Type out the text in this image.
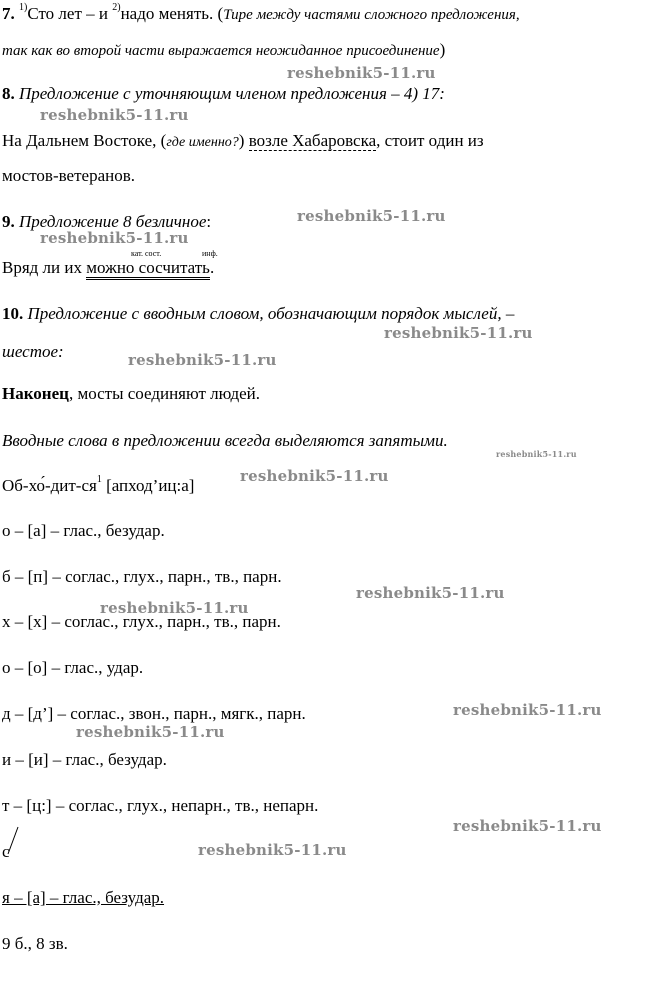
7. $^{1)}$Сто лет – и $^{2)}$надо менять. (Тире между частями сложного предложения,
так как во второй части выражается неожиданное присоединение)
8. Предложение с уточняющим членом предложения – 4) 17:
На Дальнем Востоке, (где именно?) возле Хабаровска, стоит один из
мостов-ветеранов.
9. Предложение 8 безличное:
кат. сост.	инф.
Вряд ли их можно сосчитать.
10. Предложение с вводным словом, обозначающим порядок мыслей, –
шестое:
Наконец, мосты соединяют людей.
Вводные слова в предложении всегда выделяются запятыми.
$Об-хо́-дит-ся^1$ [апход’иц:а]
о – [а] – глас., безудар.
б – [п] – соглас., глух., парн., тв., парн.
х – [х] – соглас., глух., парн., тв., парн.
о – [о] – глас., удар.
д – [д’] – соглас., звон., парн., мягк., парн.
и – [и] – глас., безудар.
т – [ц:] – соглас., глух., непарн., тв., непарн.
с
я – [а] – глас., безудар.
9 б., 8 зв.
reshebnik5-11.ru
reshebnik5-11.ru
reshebnik5-11.ru
reshebnik5-11.ru
reshebnik5-11.ru
reshebnik5-11.ru
reshebnik5-11.ru
reshebnik5-11.ru
reshebnik5-11.ru
reshebnik5-11.ru
reshebnik5-11.ru
reshebnik5-11.ru
reshebnik5-11.ru
reshebnik5-11.ru
